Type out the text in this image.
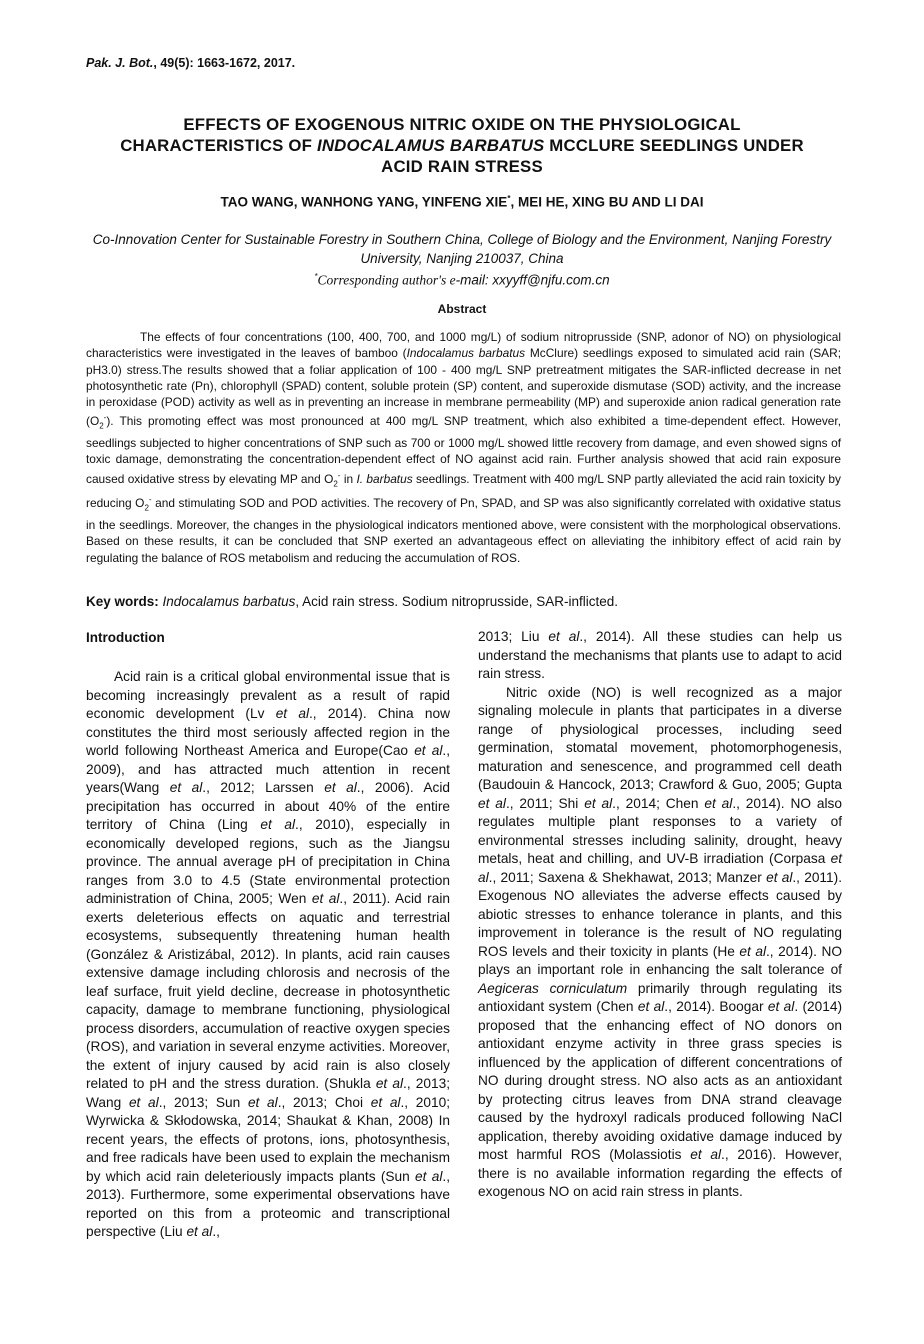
Pak. J. Bot., 49(5): 1663-1672, 2017.
EFFECTS OF EXOGENOUS NITRIC OXIDE ON THE PHYSIOLOGICAL CHARACTERISTICS OF INDOCALAMUS BARBATUS MCCLURE SEEDLINGS UNDER ACID RAIN STRESS
TAO WANG, WANHONG YANG, YINFENG XIE*, MEI HE, XING BU AND LI DAI
Co-Innovation Center for Sustainable Forestry in Southern China, College of Biology and the Environment, Nanjing Forestry University, Nanjing 210037, China
*Corresponding author's e-mail: xxyyff@njfu.com.cn
Abstract
The effects of four concentrations (100, 400, 700, and 1000 mg/L) of sodium nitroprusside (SNP, adonor of NO) on physiological characteristics were investigated in the leaves of bamboo (Indocalamus barbatus McClure) seedlings exposed to simulated acid rain (SAR; pH3.0) stress.The results showed that a foliar application of 100 - 400 mg/L SNP pretreatment mitigates the SAR-inflicted decrease in net photosynthetic rate (Pn), chlorophyll (SPAD) content, soluble protein (SP) content, and superoxide dismutase (SOD) activity, and the increase in peroxidase (POD) activity as well as in preventing an increase in membrane permeability (MP) and superoxide anion radical generation rate $(O_2^-)$. This promoting effect was most pronounced at 400 mg/L SNP treatment, which also exhibited a time-dependent effect. However, seedlings subjected to higher concentrations of SNP such as 700 or 1000 mg/L showed little recovery from damage, and even showed signs of toxic damage, demonstrating the concentration-dependent effect of NO against acid rain. Further analysis showed that acid rain exposure caused oxidative stress by elevating MP and $O_2^-$ in I. barbatus seedlings. Treatment with 400 mg/L SNP partly alleviated the acid rain toxicity by reducing $O_2^-$ and stimulating SOD and POD activities. The recovery of Pn, SPAD, and SP was also significantly correlated with oxidative status in the seedlings. Moreover, the changes in the physiological indicators mentioned above, were consistent with the morphological observations. Based on these results, it can be concluded that SNP exerted an advantageous effect on alleviating the inhibitory effect of acid rain by regulating the balance of ROS metabolism and reducing the accumulation of ROS.
Key words: Indocalamus barbatus, Acid rain stress. Sodium nitroprusside, SAR-inflicted.
Introduction

Acid rain is a critical global environmental issue that is becoming increasingly prevalent as a result of rapid economic development (Lv et al., 2014). China now constitutes the third most seriously affected region in the world following Northeast America and Europe(Cao et al., 2009), and has attracted much attention in recent years(Wang et al., 2012; Larssen et al., 2006). Acid precipitation has occurred in about 40% of the entire territory of China (Ling et al., 2010), especially in economically developed regions, such as the Jiangsu province. The annual average pH of precipitation in China ranges from 3.0 to 4.5 (State environmental protection administration of China, 2005; Wen et al., 2011). Acid rain exerts deleterious effects on aquatic and terrestrial ecosystems, subsequently threatening human health (González & Aristizábal, 2012). In plants, acid rain causes extensive damage including chlorosis and necrosis of the leaf surface, fruit yield decline, decrease in photosynthetic capacity, damage to membrane functioning, physiological process disorders, accumulation of reactive oxygen species (ROS), and variation in several enzyme activities. Moreover, the extent of injury caused by acid rain is also closely related to pH and the stress duration. (Shukla et al., 2013; Wang et al., 2013; Sun et al., 2013; Choi et al., 2010; Wyrwicka & Skłodowska, 2014; Shaukat & Khan, 2008) In recent years, the effects of protons, ions, photosynthesis, and free radicals have been used to explain the mechanism by which acid rain deleteriously impacts plants (Sun et al., 2013). Furthermore, some experimental observations have reported on this from a proteomic and transcriptional perspective (Liu et al.,

2013; Liu et al., 2014). All these studies can help us understand the mechanisms that plants use to adapt to acid rain stress.

Nitric oxide (NO) is well recognized as a major signaling molecule in plants that participates in a diverse range of physiological processes, including seed germination, stomatal movement, photomorphogenesis, maturation and senescence, and programmed cell death (Baudouin & Hancock, 2013; Crawford & Guo, 2005; Gupta et al., 2011; Shi et al., 2014; Chen et al., 2014). NO also regulates multiple plant responses to a variety of environmental stresses including salinity, drought, heavy metals, heat and chilling, and UV-B irradiation (Corpasa et al., 2011; Saxena & Shekhawat, 2013; Manzer et al., 2011). Exogenous NO alleviates the adverse effects caused by abiotic stresses to enhance tolerance in plants, and this improvement in tolerance is the result of NO regulating ROS levels and their toxicity in plants (He et al., 2014). NO plays an important role in enhancing the salt tolerance of Aegiceras corniculatum primarily through regulating its antioxidant system (Chen et al., 2014). Boogar et al. (2014) proposed that the enhancing effect of NO donors on antioxidant enzyme activity in three grass species is influenced by the application of different concentrations of NO during drought stress. NO also acts as an antioxidant by protecting citrus leaves from DNA strand cleavage caused by the hydroxyl radicals produced following NaCl application, thereby avoiding oxidative damage induced by most harmful ROS (Molassiotis et al., 2016). However, there is no available information regarding the effects of exogenous NO on acid rain stress in plants.
